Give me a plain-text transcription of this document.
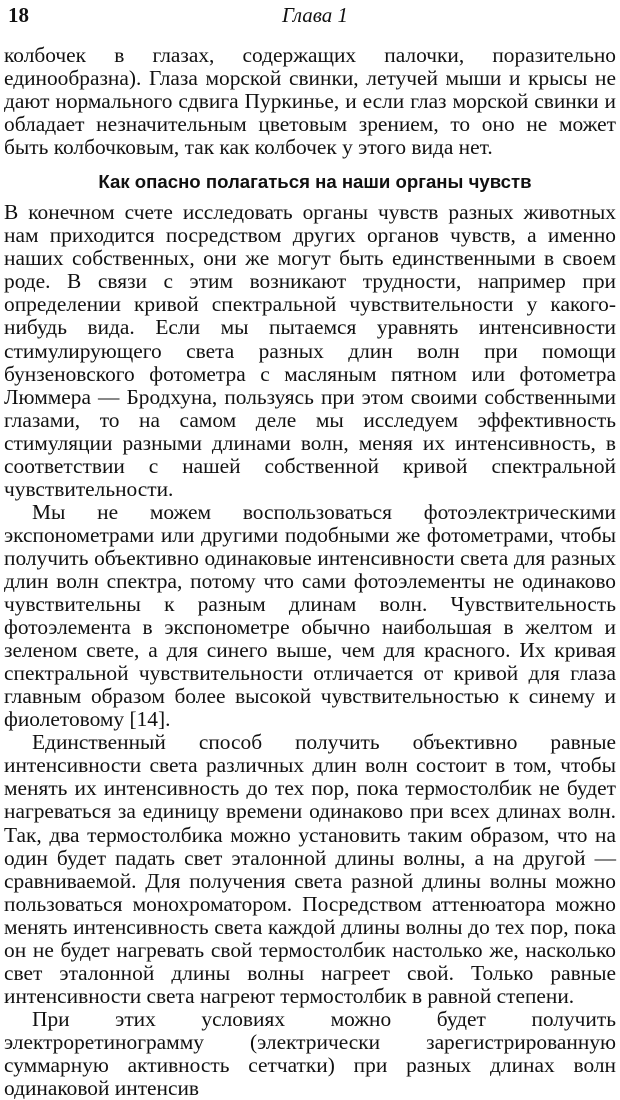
18	Глава 1

колбочек в глазах, содержащих палочки, поразительно единообразна). Глаза морской свинки, летучей мыши и крысы не дают нормального сдвига Пуркинье, и если глаз морской свинки и обладает незначительным цветовым зрением, то оно не может быть колбочковым, так как колбочек у этого вида нет.

Как опасно полагаться на наши органы чувств

В конечном счете исследовать органы чувств разных животных нам приходится посредством других органов чувств, а именно наших собственных, они же могут быть единственными в своем роде. В связи с этим возникают трудности, например при определении кривой спектральной чувствительности у какого-нибудь вида. Если мы пытаемся уравнять интенсивности стимулирующего света разных длин волн при помощи бунзеновского фотометра с масляным пятном или фотометра Люммера — Бродхуна, пользуясь при этом своими собственными глазами, то на самом деле мы исследуем эффективность стимуляции разными длинами волн, меняя их интенсивность, в соответствии с нашей собственной кривой спектральной чувствительности.

Мы не можем воспользоваться фотоэлектрическими экспонометрами или другими подобными же фотометрами, чтобы получить объективно одинаковые интенсивности света для разных длин волн спектра, потому что сами фотоэлементы не одинаково чувствительны к разным длинам волн. Чувствительность фотоэлемента в экспонометре обычно наибольшая в желтом и зеленом свете, а для синего выше, чем для красного. Их кривая спектральной чувствительности отличается от кривой для глаза главным образом более высокой чувствительностью к синему и фиолетовому [14].

Единственный способ получить объективно равные интенсивности света различных длин волн состоит в том, чтобы менять их интенсивность до тех пор, пока термостолбик не будет нагреваться за единицу времени одинаково при всех длинах волн. Так, два термостолбика можно установить таким образом, что на один будет падать свет эталонной длины волны, а на другой — сравниваемой. Для получения света разной длины волны можно пользоваться монохроматором. Посредством аттенюатора можно менять интенсивность света каждой длины волны до тех пор, пока он не будет нагревать свой термостолбик настолько же, насколько свет эталонной длины волны нагреет свой. Только равные интенсивности света нагреют термостолбик в равной степени.

При этих условиях можно будет получить электроретинограмму (электрически зарегистрированную суммарную активность сетчатки) при разных длинах волн одинаковой интенсив
